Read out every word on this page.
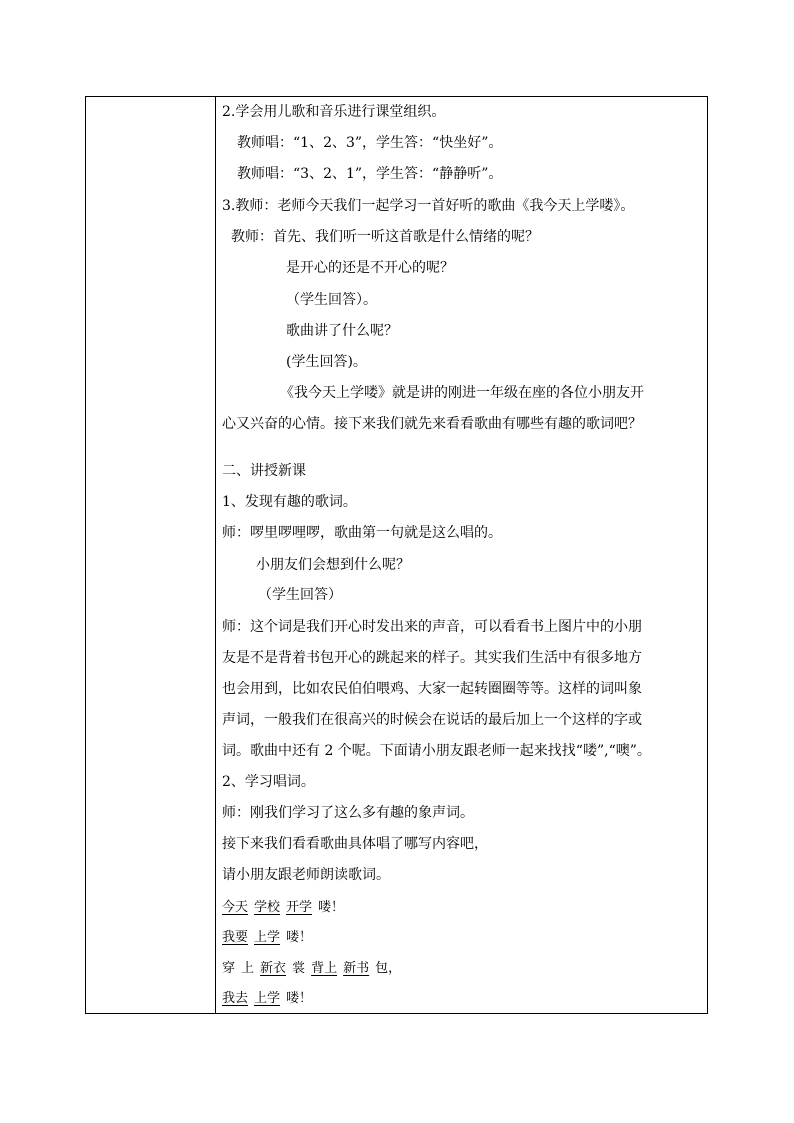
2.学会用儿歌和音乐进行课堂组织。
教师唱：“1、2、3”，学生答：“快坐好”。
教师唱：“3、2、1”，学生答：“静静听”。
3.教师：老师今天我们一起学习一首好听的歌曲《我今天上学喽》。
教师：首先、我们听一听这首歌是什么情绪的呢？
是开心的还是不开心的呢？
（学生回答）。
歌曲讲了什么呢？
(学生回答)。
《我今天上学喽》就是讲的刚进一年级在座的各位小朋友开
心又兴奋的心情。接下来我们就先来看看歌曲有哪些有趣的歌词吧？
二、讲授新课
1、发现有趣的歌词。
师：啰里啰哩啰，歌曲第一句就是这么唱的。
小朋友们会想到什么呢？
（学生回答）
师：这个词是我们开心时发出来的声音，可以看看书上图片中的小朋
友是不是背着书包开心的跳起来的样子。其实我们生活中有很多地方
也会用到，比如农民伯伯喂鸡、大家一起转圈圈等等。这样的词叫象
声词，一般我们在很高兴的时候会在说话的最后加上一个这样的字或
词。歌曲中还有 2 个呢。下面请小朋友跟老师一起来找找“喽”,“噢”。
2、学习唱词。
师：刚我们学习了这么多有趣的象声词。
接下来我们看看歌曲具体唱了哪写内容吧，
请小朋友跟老师朗读歌词。
今天 学校 开学 喽！
我要 上学 喽！
穿 上 新衣 裳 背上 新书 包，
我去 上学 喽！
